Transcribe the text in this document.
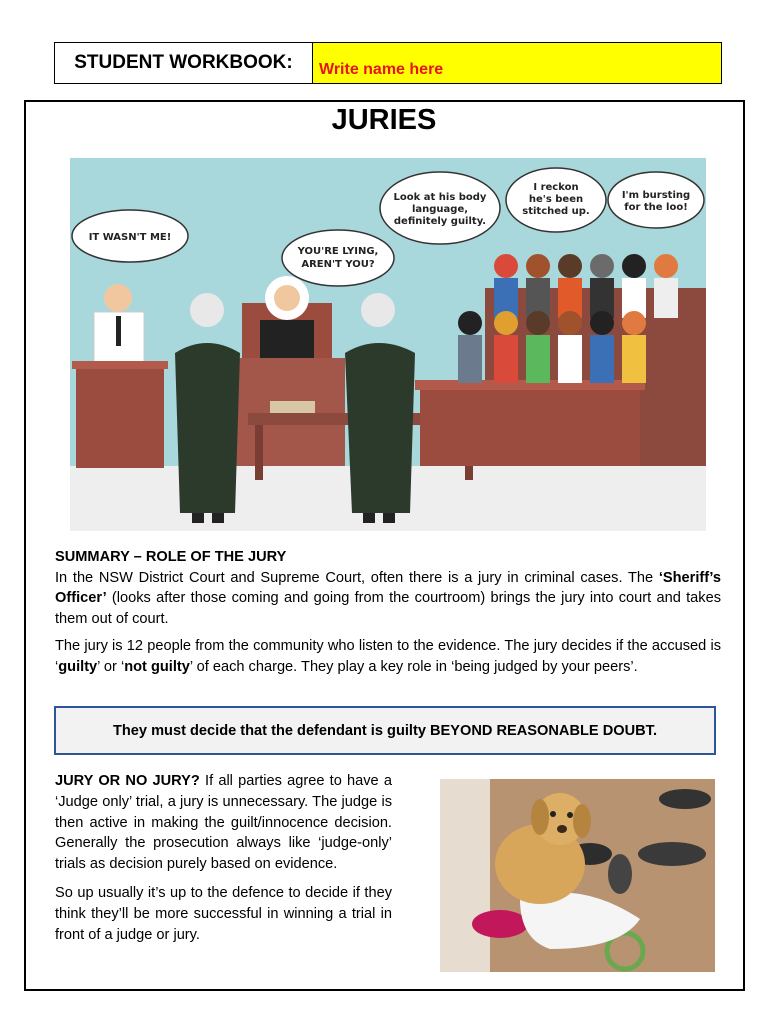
STUDENT WORKBOOK:	Write name here
JURIES
IT WASN'T ME!
YOU'RE LYING,
AREN'T YOU?
Look at his body
language,
definitely guilty.
I reckon
he's been
stitched up.
I'm bursting
for the loo!

SUMMARY – ROLE OF THE JURY

In the NSW District Court and Supreme Court, often there is a jury in criminal cases. The ‘Sheriff’s Officer’ (looks after those coming and going from the courtroom) brings the jury into court and takes them out of court.

The jury is 12 people from the community who listen to the evidence. The jury decides if the accused is ‘guilty’ or ‘not guilty’ of each charge. They play a key role in ‘being judged by your peers’.

They must decide that the defendant is guilty BEYOND REASONABLE DOUBT.

JURY OR NO JURY? If all parties agree to have a ‘Judge only’ trial, a jury is unnecessary. The judge is then active in making the guilt/innocence decision. Generally the prosecution always like ‘judge-only’ trials as decision purely based on evidence.

So up usually it’s up to the defence to decide if they think they’ll be more successful in winning a trial in front of a judge or jury.
